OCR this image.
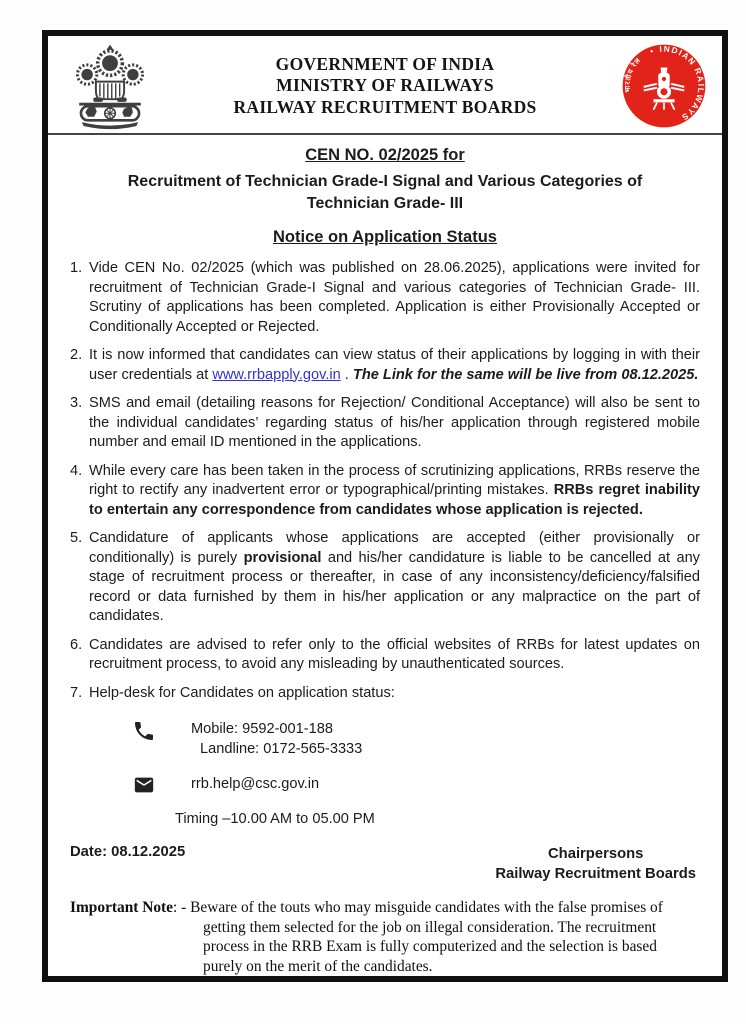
GOVERNMENT OF INDIA
MINISTRY OF RAILWAYS
RAILWAY RECRUITMENT BOARDS
भारतीय रेल
• INDIAN RAILWAYS
CEN NO. 02/2025 for
Recruitment of Technician Grade-I Signal and Various Categories of Technician Grade- III
Notice on Application Status
1. Vide CEN No. 02/2025 (which was published on 28.06.2025), applications were invited for recruitment of Technician Grade-I Signal and various categories of Technician Grade- III. Scrutiny of applications has been completed. Application is either Provisionally Accepted or Conditionally Accepted or Rejected.
2. It is now informed that candidates can view status of their applications by logging in with their user credentials at www.rrbapply.gov.in . The Link for the same will be live from 08.12.2025.
3. SMS and email (detailing reasons for Rejection/ Conditional Acceptance) will also be sent to the individual candidates’ regarding status of his/her application through registered mobile number and email ID mentioned in the applications.
4. While every care has been taken in the process of scrutinizing applications, RRBs reserve the right to rectify any inadvertent error or typographical/printing mistakes. RRBs regret inability to entertain any correspondence from candidates whose application is rejected.
5. Candidature of applicants whose applications are accepted (either provisionally or conditionally) is purely provisional and his/her candidature is liable to be cancelled at any stage of recruitment process or thereafter, in case of any inconsistency/deficiency/falsified record or data furnished by them in his/her application or any malpractice on the part of candidates.
6. Candidates are advised to refer only to the official websites of RRBs for latest updates on recruitment process, to avoid any misleading by unauthenticated sources.
7. Help-desk for Candidates on application status:
Mobile: 9592-001-188
Landline: 0172-565-3333
rrb.help@csc.gov.in
Timing –10.00 AM to 05.00 PM
Date: 08.12.2025	Chairpersons
Railway Recruitment Boards
Important Note: - Beware of the touts who may misguide candidates with the false promises of getting them selected for the job on illegal consideration. The recruitment process in the RRB Exam is fully computerized and the selection is based purely on the merit of the candidates.
